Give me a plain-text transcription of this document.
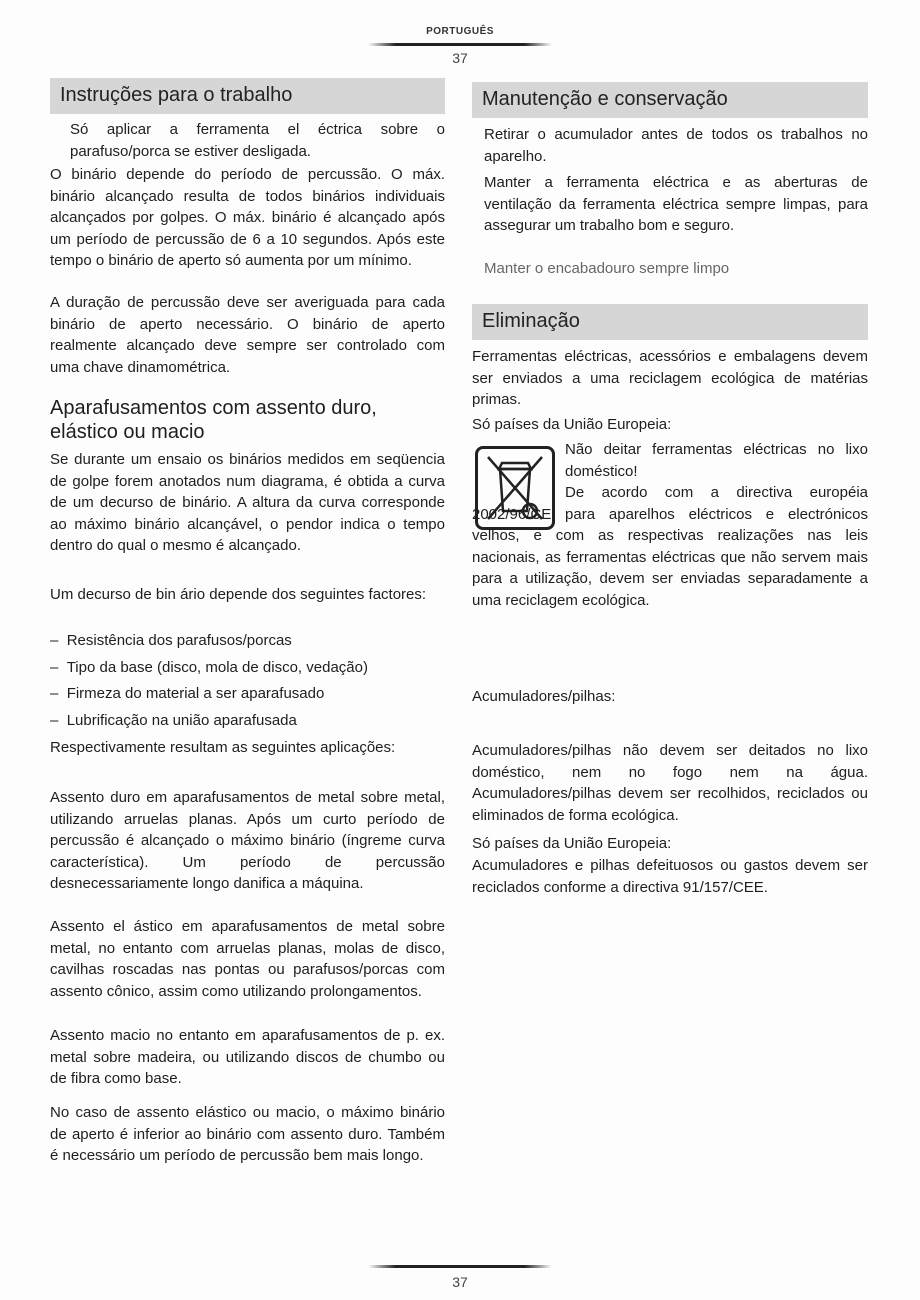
PORTUGUÊS
37
Instruções para o trabalho
Só aplicar a ferramenta el éctrica sobre o parafuso/porca se estiver desligada.
O binário depende do período de percussão. O máx. binário alcançado resulta de todos binários individuais alcançados por golpes. O máx. binário é alcançado após um período de percussão de 6 a 10 segundos. Após este tempo o binário de aperto só aumenta por um mínimo.
A duração de percussão deve ser averiguada para cada binário de aperto necessário. O binário de aperto realmente alcançado deve sempre ser controlado com uma chave dinamométrica.
Aparafusamentos com assento duro, elástico ou macio
Se durante um ensaio os binários medidos em seqüencia de golpe forem anotados num diagrama, é obtida a curva de um decurso de binário. A altura da curva corresponde ao máximo binário alcançável, o pendor indica o tempo dentro do qual o mesmo é alcançado.
Um decurso de bin ário depende dos seguintes factores:
–  Resistência dos parafusos/porcas
–  Tipo da base (disco, mola de disco, vedação)
–  Firmeza do material a ser aparafusado
–  Lubrificação na união aparafusada
Respectivamente resultam as seguintes aplicações:
Assento duro em aparafusamentos de metal sobre metal, utilizando arruelas planas. Após um curto período de percussão é alcançado o máximo binário (íngreme curva característica). Um período de percussão desnecessariamente longo danifica a máquina.
Assento el ástico em aparafusamentos de metal sobre metal, no entanto com arruelas planas, molas de disco, cavilhas roscadas nas pontas ou parafusos/porcas com assento cônico, assim como utilizando prolongamentos.
Assento macio no entanto em aparafusamentos de p. ex. metal sobre madeira, ou utilizando discos de chumbo ou de fibra como base.
No caso de assento elástico ou macio, o máximo binário de aperto é inferior ao binário com assento duro. Também é necessário um período de percussão bem mais longo.
Manutenção e conservação
Retirar o acumulador antes de todos os trabalhos no aparelho.
Manter a ferramenta eléctrica e as aberturas de ventilação da ferramenta eléctrica sempre limpas, para assegurar um trabalho bom e seguro.
Manter o encabadouro sempre limpo
Eliminação
Ferramentas eléctricas, acessórios e embalagens devem ser enviados a uma reciclagem ecológica de matérias primas.
Só países da União Europeia:
Não deitar ferramentas eléctricas no lixo doméstico!
De acordo com a directiva européia 2002/96/CE para aparelhos eléctricos e electrónicos velhos, e com as respectivas realizações nas leis nacionais, as ferramentas eléctricas que não servem mais para a utilização, devem ser enviadas separadamente a uma reciclagem ecológica.
Acumuladores/pilhas:
Acumuladores/pilhas não devem ser deitados no lixo doméstico, nem no fogo nem na água. Acumuladores/pilhas devem ser recolhidos, reciclados ou eliminados de forma ecológica.
Só países da União Europeia:
Acumuladores e pilhas defeituosos ou gastos devem ser reciclados conforme a directiva 91/157/CEE.
37
